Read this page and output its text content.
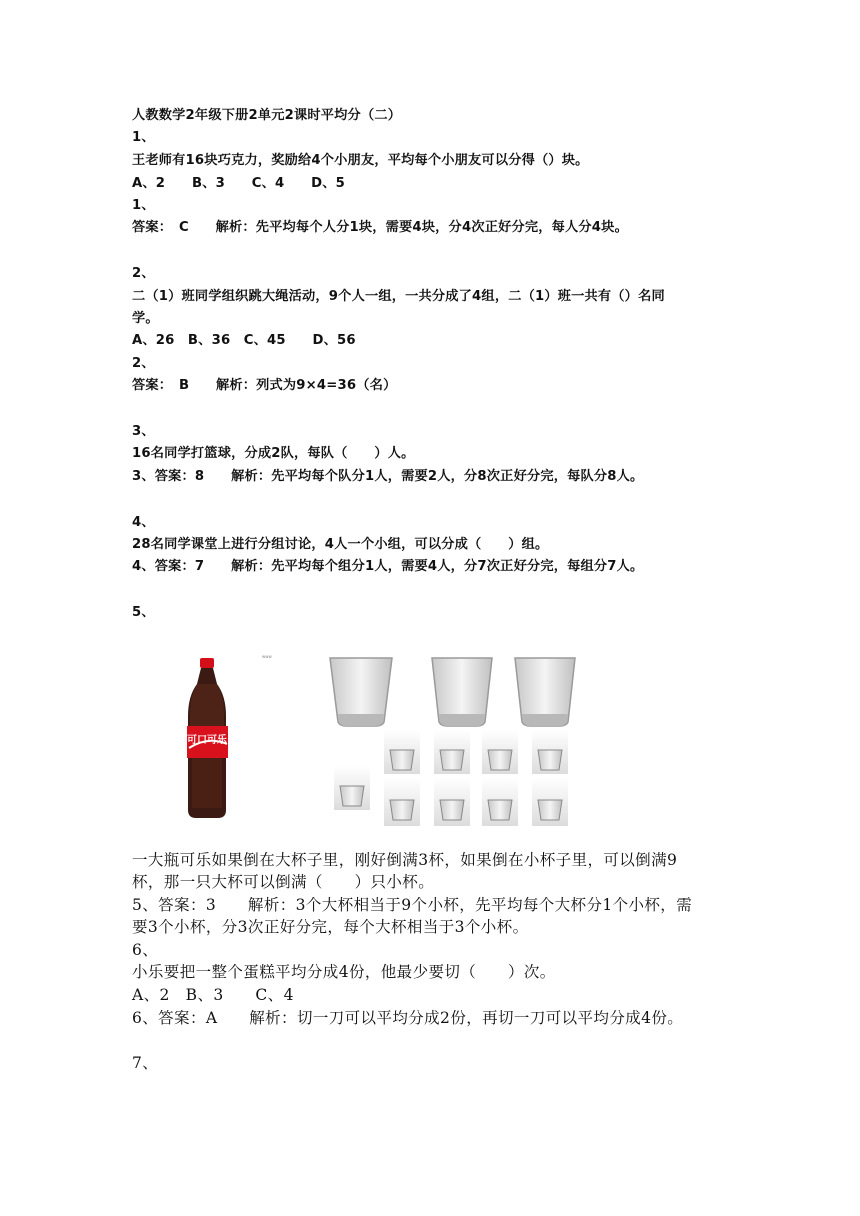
人教数学2年级下册2单元2课时平均分（二）
1、
王老师有16块巧克力，奖励给4个小朋友，平均每个小朋友可以分得（）块。
A、2　　B、3　　C、4　　D、5
1、
答案：　C　　解析：先平均每个人分1块，需要4块，分4次正好分完，每人分4块。
2、
二（1）班同学组织跳大绳活动，9个人一组，一共分成了4组，二（1）班一共有（）名同
学。
A、26　B、36　C、45　　D、56
2、
答案：　B　　解析：列式为9×4=36（名）
3、
16名同学打篮球，分成2队，每队（　　）人。
3、答案：8　　解析：先平均每个队分1人，需要2人，分8次正好分完，每队分8人。
4、
28名同学课堂上进行分组讨论，4人一个小组，可以分成（　　）组。
4、答案：7　　解析：先平均每个组分1人，需要4人，分7次正好分完，每组分7人。
5、
可口可乐
www
一大瓶可乐如果倒在大杯子里，刚好倒满3杯，如果倒在小杯子里，可以倒满9
杯，那一只大杯可以倒满（　　）只小杯。
5、答案：3　　解析：3个大杯相当于9个小杯，先平均每个大杯分1个小杯，需
要3个小杯，分3次正好分完，每个大杯相当于3个小杯。
6、
小乐要把一整个蛋糕平均分成4份，他最少要切（　　）次。
A、2　B、3　　C、4
6、答案：A　　解析：切一刀可以平均分成2份，再切一刀可以平均分成4份。
7、
